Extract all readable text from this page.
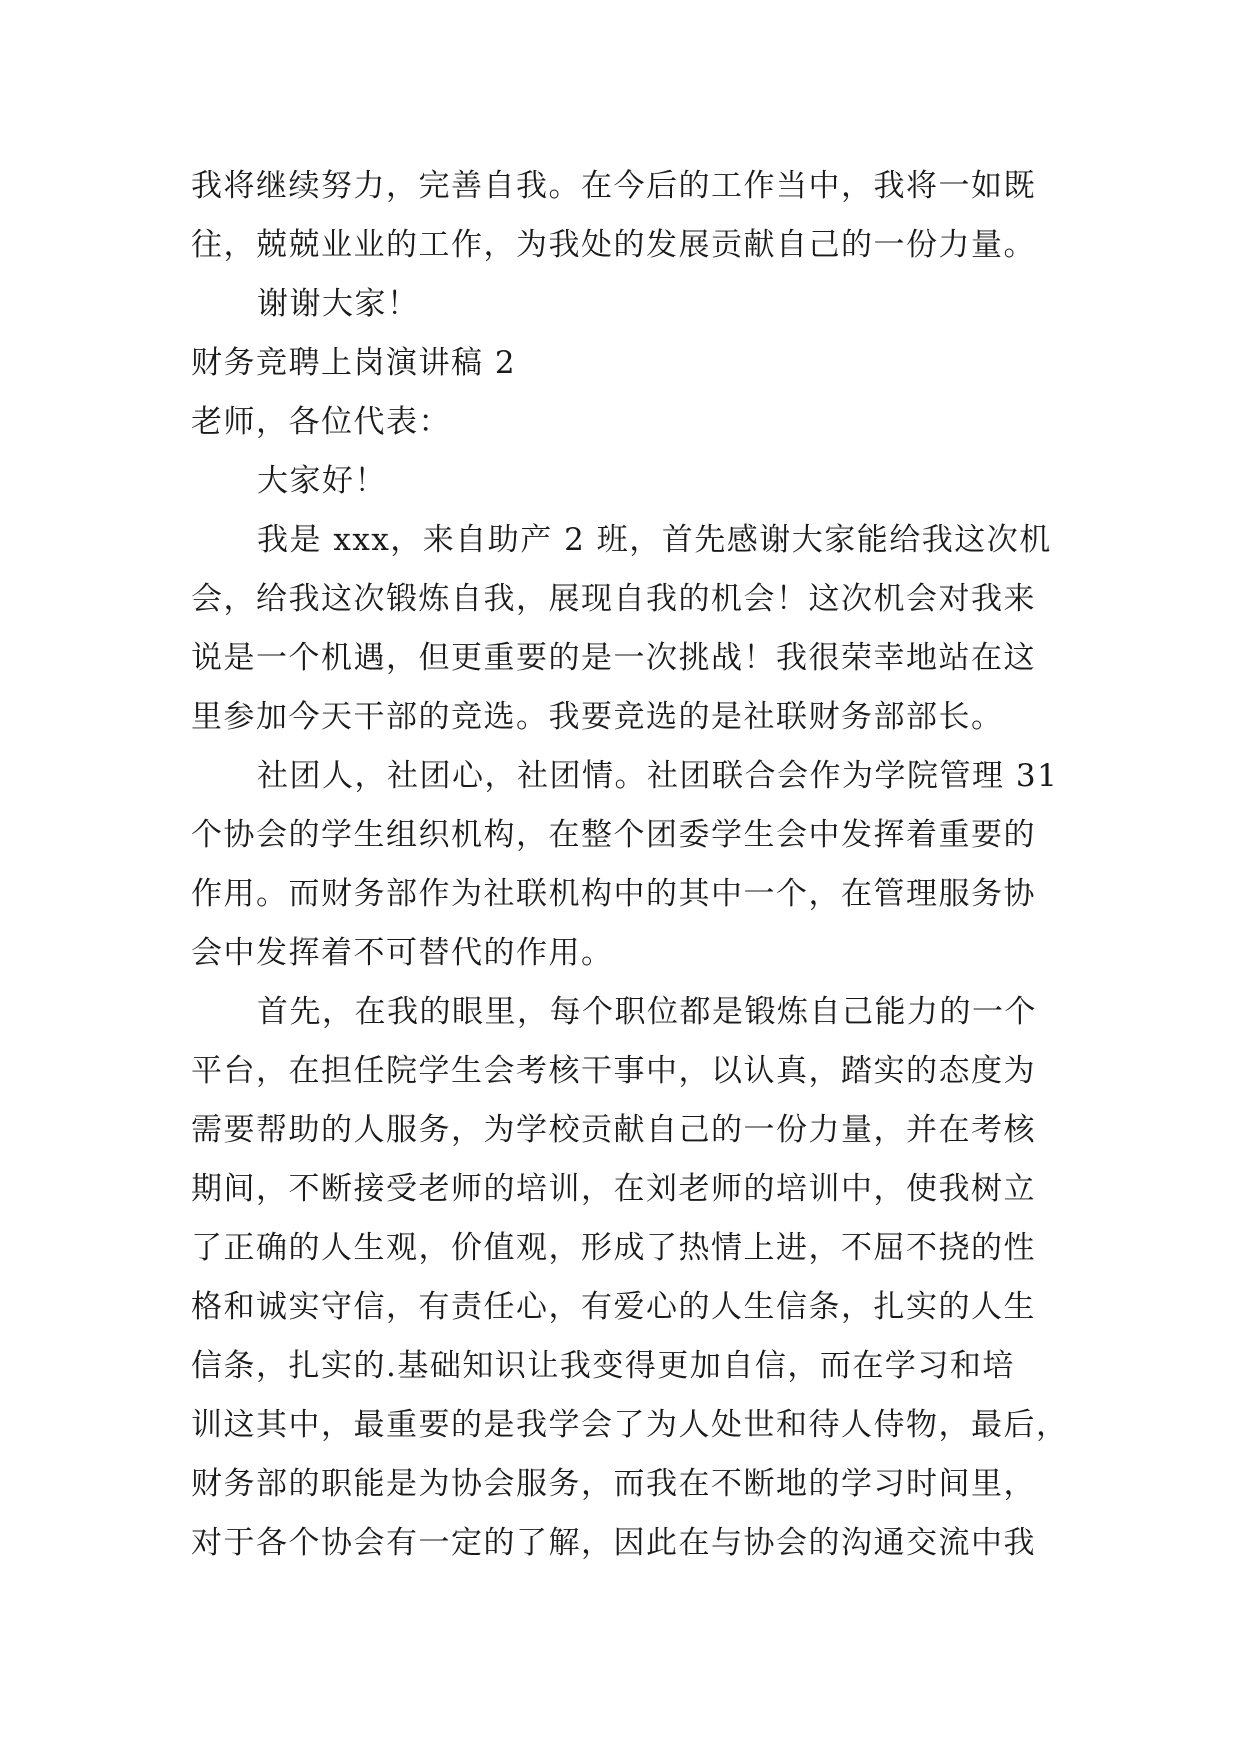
我将继续努力，完善自我。在今后的工作当中，我将一如既
往，兢兢业业的工作，为我处的发展贡献自己的一份力量。
谢谢大家！
财务竞聘上岗演讲稿 2
老师，各位代表：
大家好！
我是 xxx，来自助产 2 班，首先感谢大家能给我这次机
会，给我这次锻炼自我，展现自我的机会！这次机会对我来
说是一个机遇，但更重要的是一次挑战！我很荣幸地站在这
里参加今天干部的竞选。我要竞选的是社联财务部部长。
社团人，社团心，社团情。社团联合会作为学院管理 31
个协会的学生组织机构，在整个团委学生会中发挥着重要的
作用。而财务部作为社联机构中的其中一个，在管理服务协
会中发挥着不可替代的作用。
首先，在我的眼里，每个职位都是锻炼自己能力的一个
平台，在担任院学生会考核干事中，以认真，踏实的态度为
需要帮助的人服务，为学校贡献自己的一份力量，并在考核
期间，不断接受老师的培训，在刘老师的培训中，使我树立
了正确的人生观，价值观，形成了热情上进，不屈不挠的性
格和诚实守信，有责任心，有爱心的人生信条，扎实的人生
信条，扎实的.基础知识让我变得更加自信，而在学习和培
训这其中，最重要的是我学会了为人处世和待人侍物，最后，
财务部的职能是为协会服务，而我在不断地的学习时间里，
对于各个协会有一定的了解，因此在与协会的沟通交流中我
